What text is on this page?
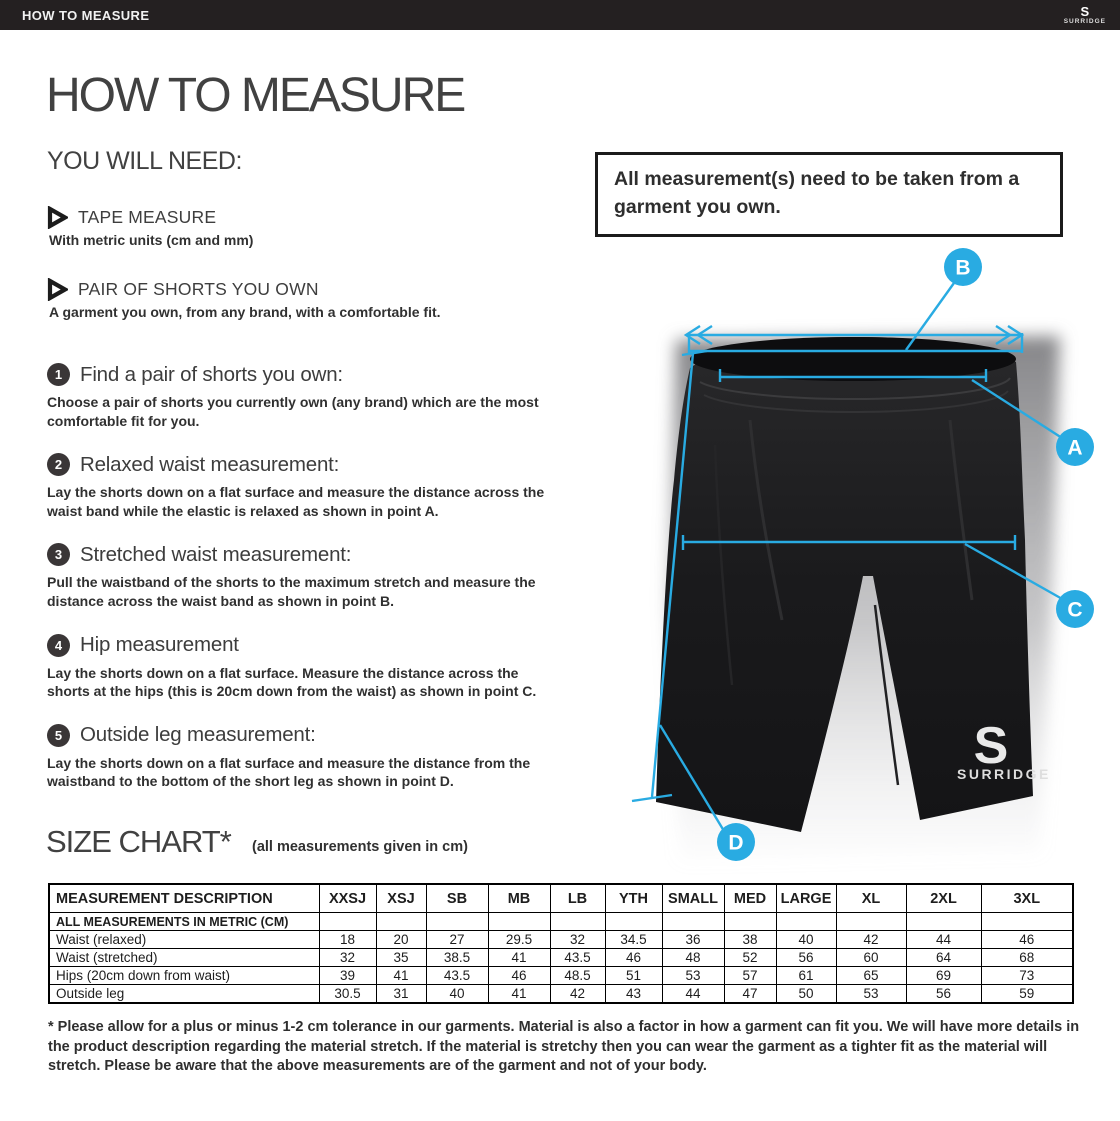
HOW TO MEASURE	S
SURRIDGE
HOW TO MEASURE
YOU WILL NEED:
TAPE MEASURE
With metric units (cm and mm)
PAIR OF SHORTS YOU OWN
A garment you own, from any brand, with a comfortable fit.
1 Find a pair of shorts you own:
Choose a pair of shorts you currently own (any brand) which are the most comfortable fit for you.
2 Relaxed waist measurement:
Lay the shorts down on a flat surface and measure the distance across the waist band while the elastic is relaxed as shown in point A.
3 Stretched waist measurement:
Pull the waistband of the shorts to the maximum stretch and measure the distance across the waist band as shown in point B.
4 Hip measurement
Lay the shorts down on a flat surface. Measure the distance across the shorts at the hips (this is 20cm down from the waist) as shown in point C.
5 Outside leg measurement:
Lay the shorts down on a flat surface and measure the distance from the waistband to the bottom of the short leg as shown in point D.
All measurement(s) need to be taken from a garment you own.
S
SURRIDGE
B
A
C
D
SIZE CHART* (all measurements given in cm)
MEASUREMENT DESCRIPTION	XXSJ	XSJ	SB	MB	LB	YTH	SMALL	MED	LARGE	XL	2XL	3XL
ALL MEASUREMENTS IN METRIC (CM)												
Waist (relaxed)	18	20	27	29.5	32	34.5	36	38	40	42	44	46
Waist (stretched)	32	35	38.5	41	43.5	46	48	52	56	60	64	68
Hips (20cm down from waist)	39	41	43.5	46	48.5	51	53	57	61	65	69	73
Outside leg	30.5	31	40	41	42	43	44	47	50	53	56	59
* Please allow for a plus or minus 1-2 cm tolerance in our garments. Material is also a factor in how a garment can fit you. We will have more details in the product description regarding the material stretch. If the material is stretchy then you can wear the garment as a tighter fit as the material will stretch. Please be aware that the above measurements are of the garment and not of your body.
